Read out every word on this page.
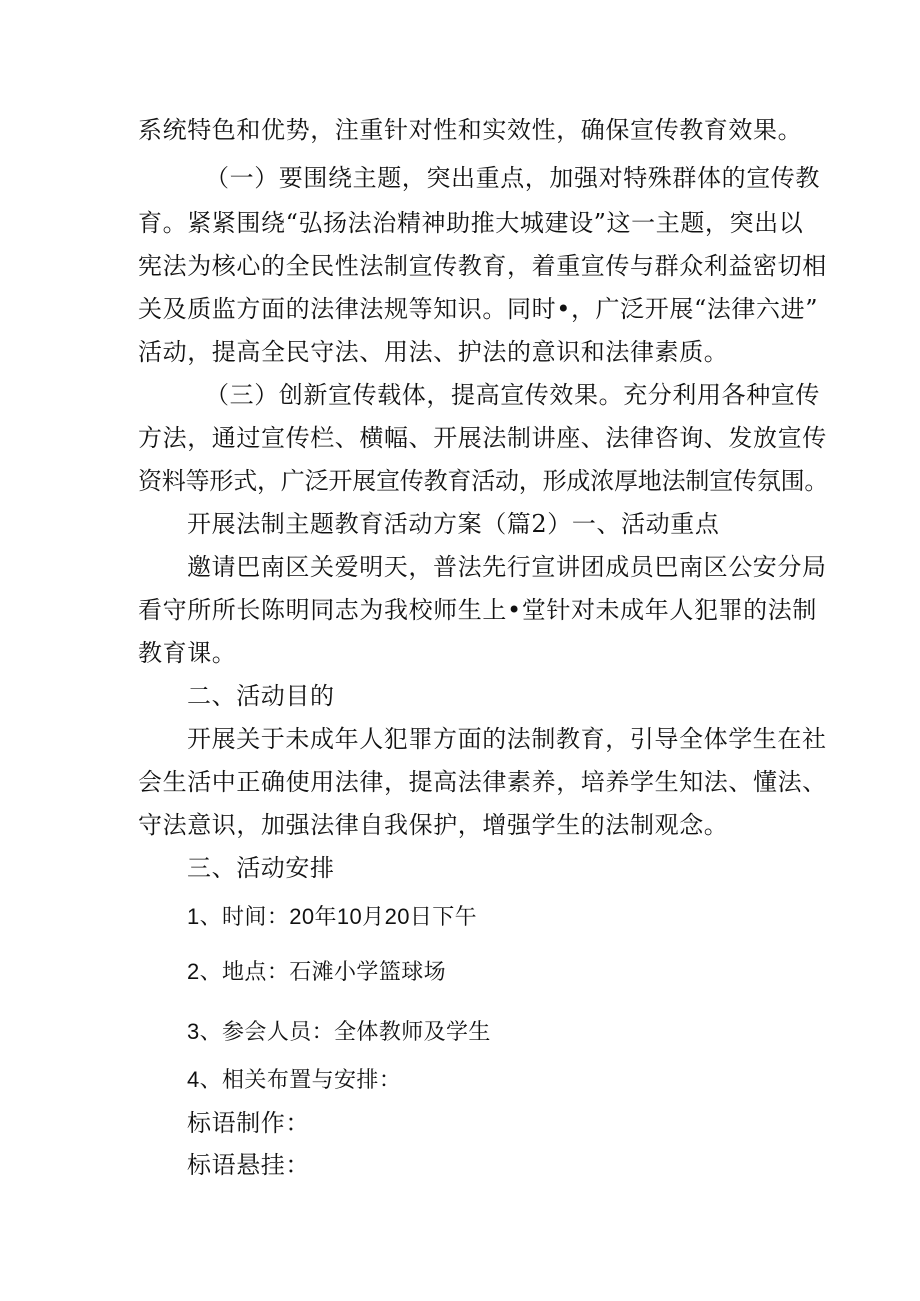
系统特色和优势，注重针对性和实效性，确保宣传教育效果。
（一）要围绕主题，突出重点，加强对特殊群体的宣传教
育。紧紧围绕“弘扬法治精神助推大城建设”这一主题，突出以
宪法为核心的全民性法制宣传教育，着重宣传与群众利益密切相
关及质监方面的法律法规等知识。同时•，广泛开展“法律六进”
活动，提高全民守法、用法、护法的意识和法律素质。
（三）创新宣传载体，提高宣传效果。充分利用各种宣传
方法，通过宣传栏、横幅、开展法制讲座、法律咨询、发放宣传
资料等形式，广泛开展宣传教育活动，形成浓厚地法制宣传氛围。
开展法制主题教育活动方案（篇2）一、活动重点
邀请巴南区关爱明天，普法先行宣讲团成员巴南区公安分局
看守所所长陈明同志为我校师生上•堂针对未成年人犯罪的法制
教育课。
二、活动目的
开展关于未成年人犯罪方面的法制教育，引导全体学生在社
会生活中正确使用法律，提高法律素养，培养学生知法、懂法、
守法意识，加强法律自我保护，增强学生的法制观念。
三、活动安排
1、时间：20年10月20日下午
2、地点：石滩小学篮球场
3、参会人员：全体教师及学生
4、相关布置与安排：
标语制作：
标语悬挂：
